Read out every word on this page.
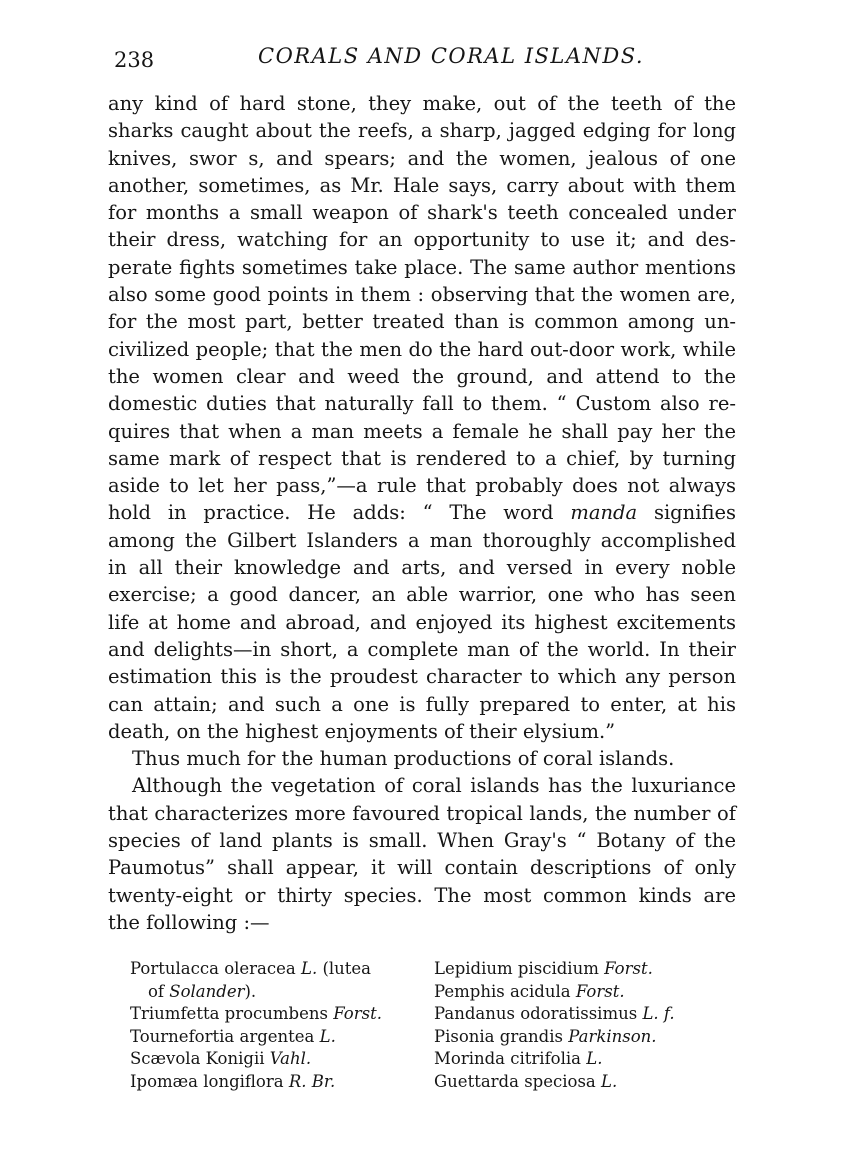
238	CORALS AND CORAL ISLANDS.
any kind of hard stone, they make, out of the teeth of the
sharks caught about the reefs, a sharp, jagged edging for long
knives, swor s, and spears; and the women, jealous of one
another, sometimes, as Mr. Hale says, carry about with them
for months a small weapon of shark's teeth concealed under
their dress, watching for an opportunity to use it; and des-
perate fights sometimes take place. The same author mentions
also some good points in them : observing that the women are,
for the most part, better treated than is common among un-
civilized people; that the men do the hard out-door work, while
the women clear and weed the ground, and attend to the
domestic duties that naturally fall to them. “ Custom also re-
quires that when a man meets a female he shall pay her the
same mark of respect that is rendered to a chief, by turning
aside to let her pass,”—a rule that probably does not always
hold in practice. He adds: “ The word manda signifies
among the Gilbert Islanders a man thoroughly accomplished
in all their knowledge and arts, and versed in every noble
exercise; a good dancer, an able warrior, one who has seen
life at home and abroad, and enjoyed its highest excitements
and delights—in short, a complete man of the world. In their
estimation this is the proudest character to which any person
can attain; and such a one is fully prepared to enter, at his
death, on the highest enjoyments of their elysium.”
Thus much for the human productions of coral islands.
Although the vegetation of coral islands has the luxuriance
that characterizes more favoured tropical lands, the number of
species of land plants is small. When Gray's “ Botany of the
Paumotus” shall appear, it will contain descriptions of only
twenty-eight or thirty species. The most common kinds are
the following :—
Portulacca oleracea L. (lutea
of Solander).
Triumfetta procumbens Forst.
Tournefortia argentea L.
Scævola Konigii Vahl.
Ipomæa longiflora R. Br.
Lepidium piscidium Forst.
Pemphis acidula Forst.
Pandanus odoratissimus L. f.
Pisonia grandis Parkinson.
Morinda citrifolia L.
Guettarda speciosa L.
